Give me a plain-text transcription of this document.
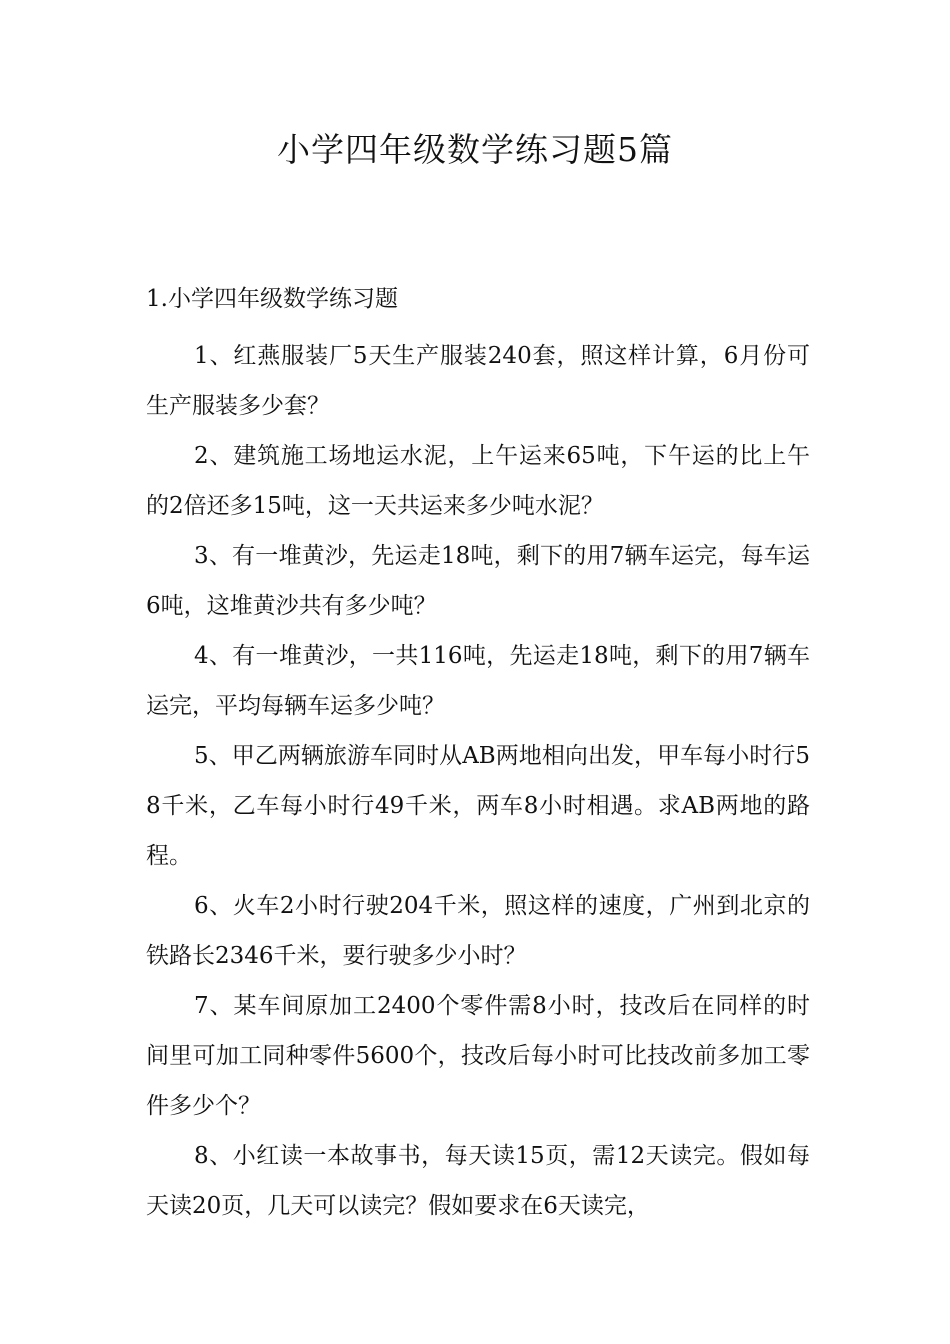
小学四年级数学练习题5篇

1.小学四年级数学练习题

1、红燕服装厂5天生产服装240套，照这样计算，6月份可生产服装多少套？

2、建筑施工场地运水泥，上午运来65吨，下午运的比上午的2倍还多15吨，这一天共运来多少吨水泥？

3、有一堆黄沙，先运走18吨，剩下的用7辆车运完，每车运6吨，这堆黄沙共有多少吨？

4、有一堆黄沙，一共116吨，先运走18吨，剩下的用7辆车运完，平均每辆车运多少吨？

5、甲乙两辆旅游车同时从AB两地相向出发，甲车每小时行58千米，乙车每小时行49千米，两车8小时相遇。求AB两地的路程。

6、火车2小时行驶204千米，照这样的速度，广州到北京的铁路长2346千米，要行驶多少小时？

7、某车间原加工2400个零件需8小时，技改后在同样的时间里可加工同种零件5600个，技改后每小时可比技改前多加工零件多少个？

8、小红读一本故事书，每天读15页，需12天读完。假如每天读20页，几天可以读完？假如要求在6天读完，
